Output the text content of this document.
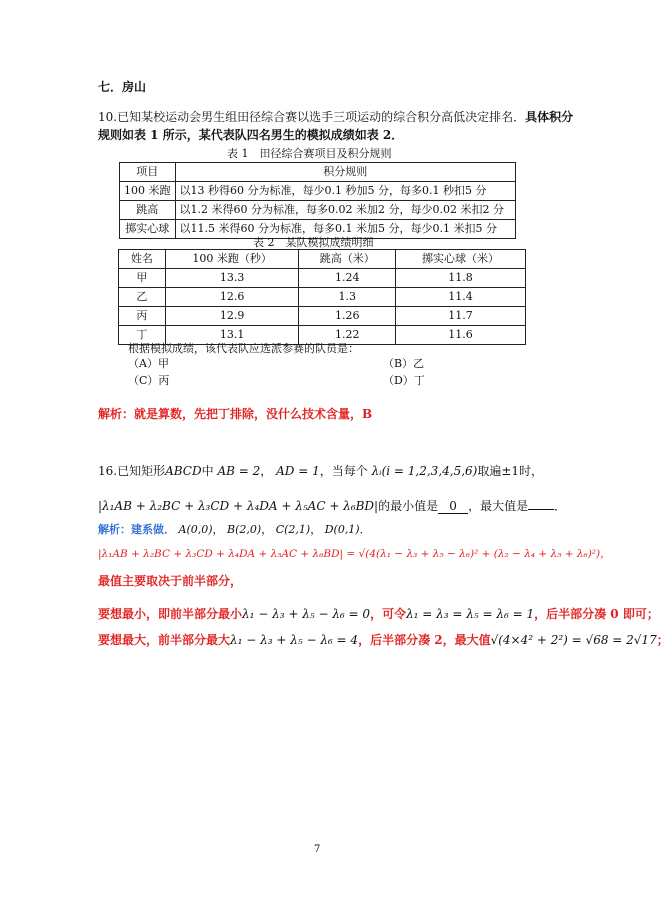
七．房山
10.已知某校运动会男生组田径综合赛以选手三项运动的综合积分高低决定排名．具体积分
规则如表 1 所示，某代表队四名男生的模拟成绩如表 2．
表 1　田径综合赛项目及积分规则
项目	积分规则
100 米跑	以13 秒得60 分为标准，每少0.1 秒加5 分，每多0.1 秒扣5 分
跳高	以1.2 米得60 分为标准，每多0.02 米加2 分，每少0.02 米扣2 分
掷实心球	以11.5 米得60 分为标准，每多0.1 米加5 分，每少0.1 米扣5 分
表 2　某队模拟成绩明细
姓名	100 米跑（秒）	跳高（米）	掷实心球（米）
甲	13.3	1.24	11.8
乙	12.6	1.3	11.4
丙	12.9	1.26	11.7
丁	13.1	1.22	11.6
根据模拟成绩，该代表队应选派参赛的队员是：
（A）甲	（B）乙
（C）丙	（D）丁
解析：就是算数，先把丁排除，没什么技术含量，B
16.已知矩形ABCD中 AB = 2， AD = 1，当每个 λᵢ(i = 1,2,3,4,5,6)取遍±1时，
|λ₁AB + λ₂BC + λ₃CD + λ₄DA + λ₅AC + λ₆BD|的最小值是 0 ，最大值是 ．
解析：建系做． A(0,0)， B(2,0)， C(2,1)， D(0,1)．
|λ₁AB + λ₂BC + λ₃CD + λ₄DA + λ₅AC + λ₆BD| = √(4(λ₁ − λ₃ + λ₅ − λ₆)² + (λ₂ − λ₄ + λ₅ + λ₆)²)，
最值主要取决于前半部分，
要想最小，即前半部分最小λ₁ − λ₃ + λ₅ − λ₆ = 0，可令λ₁ = λ₃ = λ₅ = λ₆ = 1，后半部分凑 0 即可；
要想最大，前半部分最大λ₁ − λ₃ + λ₅ − λ₆ = 4，后半部分凑 2，最大值√(4×4² + 2²) = √68 = 2√17；
7
